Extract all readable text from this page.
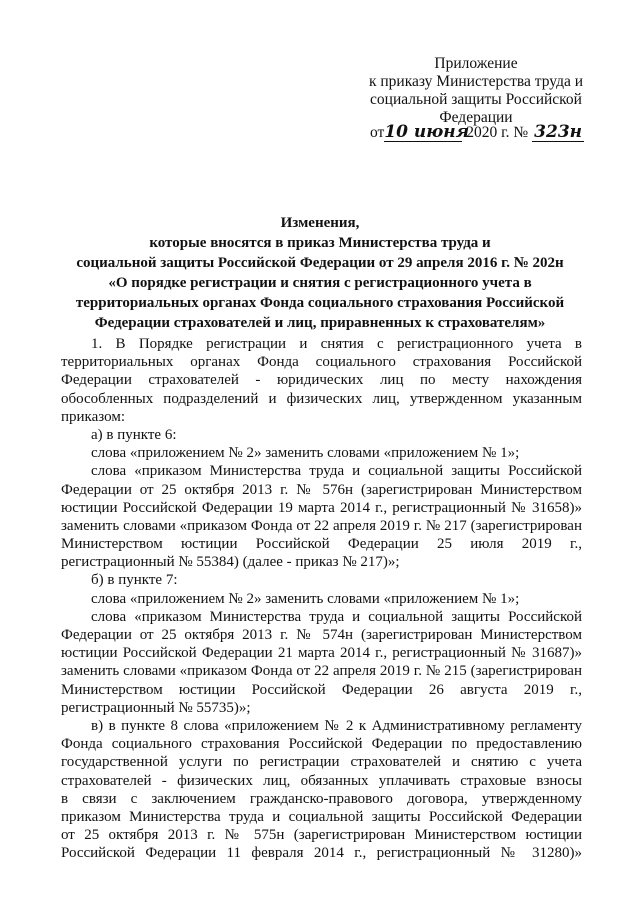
Приложение
к приказу Министерства труда и
социальной защиты Российской
Федерации
от10 июня 2020 г. № 323н
Изменения,
которые вносятся в приказ Министерства труда и
социальной защиты Российской Федерации от 29 апреля 2016 г. № 202н
«О порядке регистрации и снятия с регистрационного учета в
территориальных органах Фонда социального страхования Российской
Федерации страхователей и лиц, приравненных к страхователям»
1. В Порядке регистрации и снятия с регистрационного учета в
территориальных органах Фонда социального страхования Российской
Федерации страхователей - юридических лиц по месту нахождения
обособленных подразделений и физических лиц, утвержденном указанным
приказом:
а) в пункте 6:
слова «приложением № 2» заменить словами «приложением № 1»;
слова «приказом Министерства труда и социальной защиты Российской
Федерации от 25 октября 2013 г. № 576н (зарегистрирован Министерством
юстиции Российской Федерации 19 марта 2014 г., регистрационный № 31658)»
заменить словами «приказом Фонда от 22 апреля 2019 г. № 217 (зарегистрирован
Министерством юстиции Российской Федерации 25 июля 2019 г.,
регистрационный № 55384) (далее - приказ № 217)»;
б) в пункте 7:
слова «приложением № 2» заменить словами «приложением № 1»;
слова «приказом Министерства труда и социальной защиты Российской
Федерации от 25 октября 2013 г. № 574н (зарегистрирован Министерством
юстиции Российской Федерации 21 марта 2014 г., регистрационный № 31687)»
заменить словами «приказом Фонда от 22 апреля 2019 г. № 215 (зарегистрирован
Министерством юстиции Российской Федерации 26 августа 2019 г.,
регистрационный № 55735)»;
в) в пункте 8 слова «приложением № 2 к Административному регламенту
Фонда социального страхования Российской Федерации по предоставлению
государственной услуги по регистрации страхователей и снятию с учета
страхователей - физических лиц, обязанных уплачивать страховые взносы
в связи с заключением гражданско-правового договора, утвержденному
приказом Министерства труда и социальной защиты Российской Федерации
от 25 октября 2013 г. № 575н (зарегистрирован Министерством юстиции
Российской Федерации 11 февраля 2014 г., регистрационный № 31280)»
